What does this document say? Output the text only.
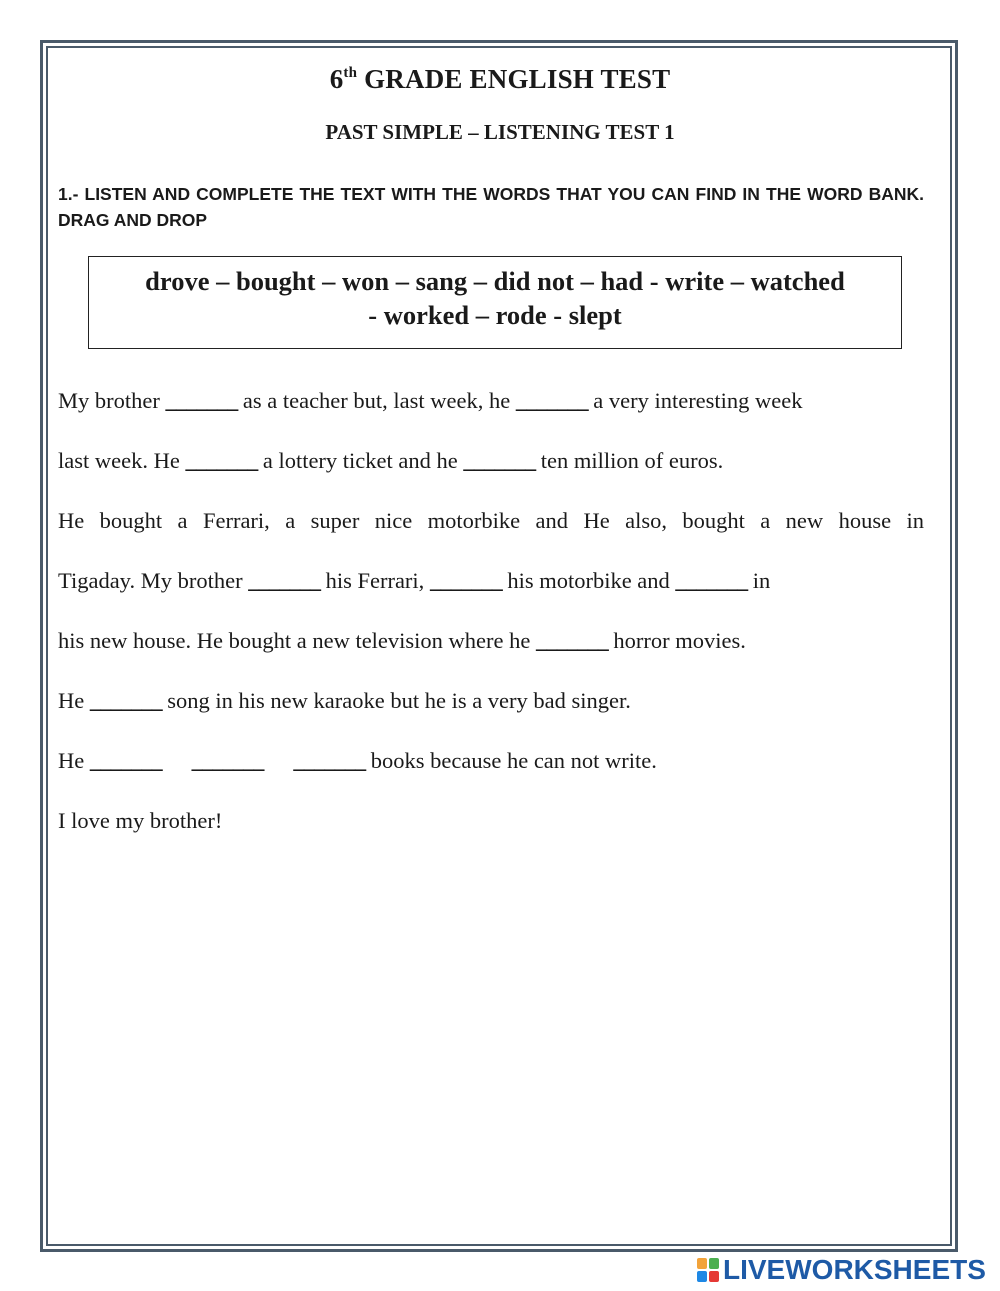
6th GRADE ENGLISH TEST
PAST SIMPLE – LISTENING TEST 1
1.- LISTEN AND COMPLETE THE TEXT WITH THE WORDS THAT YOU CAN FIND IN THE WORD BANK. DRAG AND DROP
drove – bought – won – sang – did not – had - write – watched
- worked – rode - slept
My brother _______ as a teacher but, last week, he _______ a very interesting week
last week. He _______ a lottery ticket and he _______ ten million of euros.
He bought a Ferrari, a super nice motorbike and He also, bought a new house in
Tigaday. My brother _______ his Ferrari, _______ his motorbike and _______ in
his new house. He bought a new television where he _______ horror movies.
He _______ song in his new karaoke but he is a very bad singer.
He _______ _______ _______ books because he can not write.
I love my brother!
LIVEWORKSHEETS
